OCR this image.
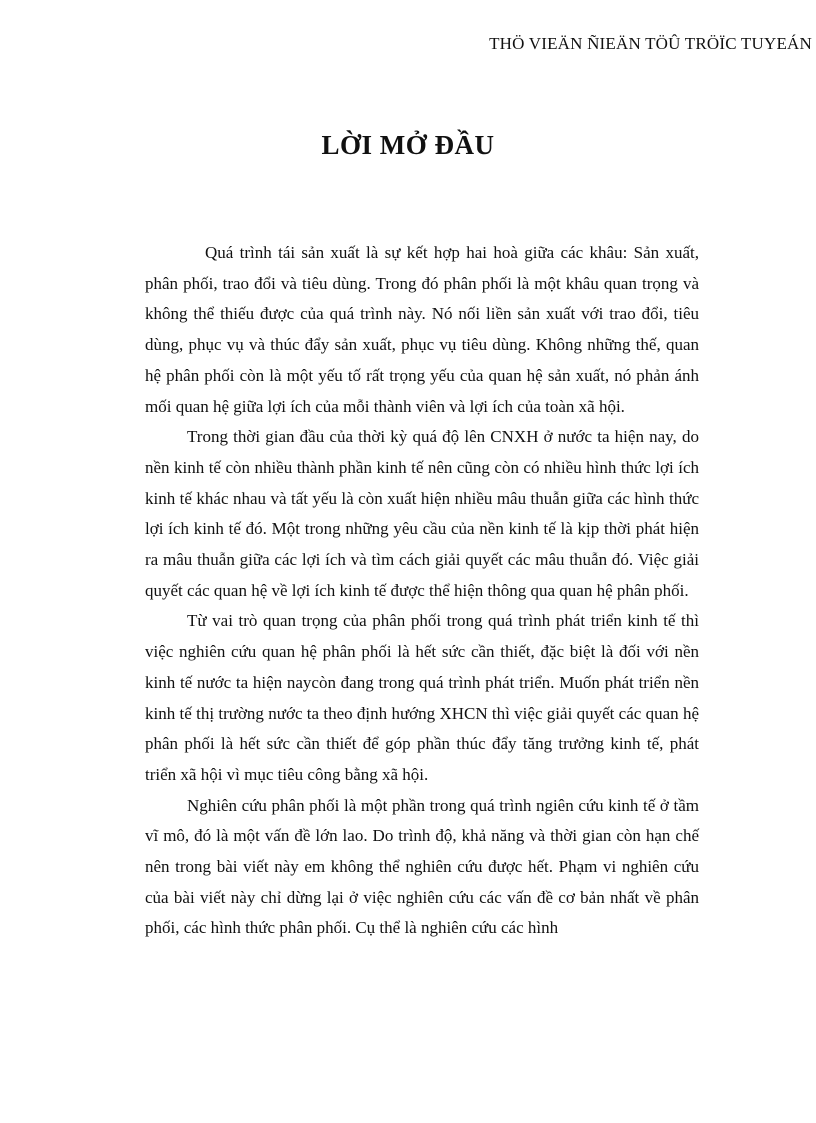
THÖ VIEÄN ÑIEÄN TÖÛ TRÖÏC TUYEÁN
LỜI MỞ ĐẦU

Quá trình tái sản xuất là sự kết hợp hai hoà giữa các khâu: Sản xuất, phân phối, trao đổi và tiêu dùng. Trong đó phân phối là một khâu quan trọng và không thể thiếu được của quá trình này. Nó nối liền sản xuất với trao đổi, tiêu dùng, phục vụ và thúc đẩy sản xuất, phục vụ tiêu dùng. Không những thế, quan hệ phân phối còn là một yếu tố rất trọng yếu của quan hệ sản xuất, nó phản ánh mối quan hệ giữa lợi ích của mỗi thành viên và lợi ích của toàn xã hội.

Trong thời gian đầu của thời kỳ quá độ lên CNXH ở nước ta hiện nay, do nền kinh tế còn nhiều thành phần kinh tế nên cũng còn có nhiều hình thức lợi ích kinh tế khác nhau và tất yếu là còn xuất hiện nhiều mâu thuẫn giữa các hình thức lợi ích kinh tế đó. Một trong những yêu cầu của nền kinh tế là kịp thời phát hiện ra mâu thuẫn giữa các lợi ích và tìm cách giải quyết các mâu thuẫn đó. Việc giải quyết các quan hệ về lợi ích kinh tế được thể hiện thông qua quan hệ phân phối.

Từ vai trò quan trọng của phân phối trong quá trình phát triển kinh tế thì việc nghiên cứu quan hệ phân phối là hết sức cần thiết, đặc biệt là đối với nền kinh tế nước ta hiện naycòn đang trong quá trình phát triển. Muốn phát triển nền kinh tế thị trường nước ta theo định hướng XHCN thì việc giải quyết các quan hệ phân phối là hết sức cần thiết để góp phần thúc đẩy tăng trưởng kinh tế, phát triển xã hội vì mục tiêu công bằng xã hội.

Nghiên cứu phân phối là một phần trong quá trình ngiên cứu kinh tế ở tầm vĩ mô, đó là một vấn đề lớn lao. Do trình độ, khả năng và thời gian còn hạn chế nên trong bài viết này em không thể nghiên cứu được hết. Phạm vi nghiên cứu của bài viết này chỉ dừng lại ở việc nghiên cứu các vấn đề cơ bản nhất về phân phối, các hình thức phân phối. Cụ thể là nghiên cứu các hình
